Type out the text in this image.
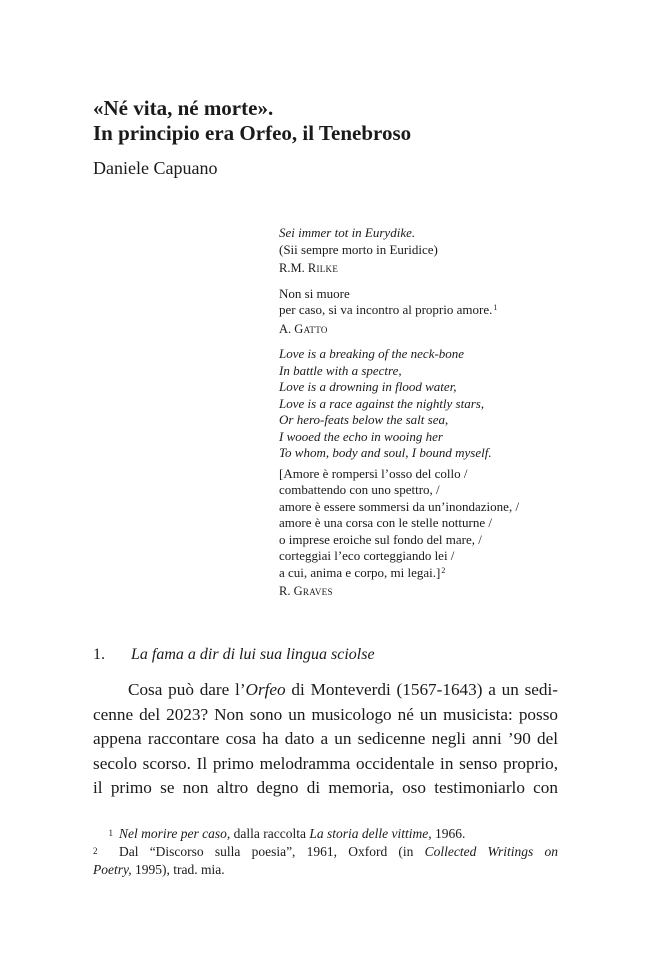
«Né vita, né morte».
In principio era Orfeo, il Tenebroso
Daniele Capuano
Sei immer tot in Eurydike.
(Sii sempre morto in Euridice)
R.M. Rilke
Non si muore
per caso, si va incontro al proprio amore.$^1$
A. Gatto
Love is a breaking of the neck-bone
In battle with a spectre,
Love is a drowning in flood water,
Love is a race against the nightly stars,
Or hero-feats below the salt sea,
I wooed the echo in wooing her
To whom, body and soul, I bound myself.
[Amore è rompersi l’osso del collo /
combattendo con uno spettro, /
amore è essere sommersi da un’inondazione, /
amore è una corsa con le stelle notturne /
o imprese eroiche sul fondo del mare, /
corteggiai l’eco corteggiando lei /
a cui, anima e corpo, mi legai.]$^2$
R. Graves
1. La fama a dir di lui sua lingua sciolse
Cosa può dare l’Orfeo di Monteverdi (1567-1643) a un sedi-
cenne del 2023? Non sono un musicologo né un musicista: posso
appena raccontare cosa ha dato a un sedicenne negli anni ’90 del
secolo scorso. Il primo melodramma occidentale in senso proprio,
il primo se non altro degno di memoria, oso testimoniarlo con
1 Nel morire per caso, dalla raccolta La storia delle vittime, 1966.
2 Dal “Discorso sulla poesia”, 1961, Oxford (in Collected Writings on
Poetry, 1995), trad. mia.
